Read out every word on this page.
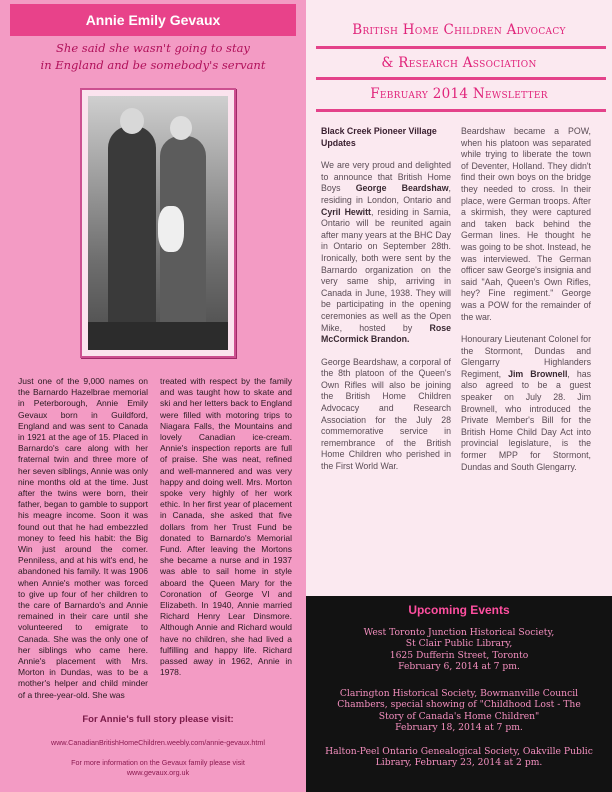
Annie Emily Gevaux
She said she wasn't going to stay
in England and be somebody's servant
Just one of the 9,000 names on the Barnardo Hazelbrae memorial in Peterborough, Annie Emily Gevaux born in Guildford, England and was sent to Canada in 1921 at the age of 15. Placed in Barnardo's care along with her fraternal twin and three more of her seven siblings, Annie was only nine months old at the time. Just after the twins were born, their father, began to gamble to support his meagre income. Soon it was found out that he had embezzled money to feed his habit: the Big Win just around the corner. Penniless, and at his wit's end, he abandoned his family. It was 1906 when Annie's mother was forced to give up four of her children to the care of Barnardo's and Annie remained in their care until she volunteered to emigrate to Canada. She was the only one of her siblings who came here. Annie's placement with Mrs. Morton in Dundas, was to be a mother's helper and child minder of a three-year-old. She was
treated with respect by the family and was taught how to skate and ski and her letters back to England were filled with motoring trips to Niagara Falls, the Mountains and lovely Canadian ice-cream. Annie's inspection reports are full of praise. She was neat, refined and well-mannered and was very happy and doing well. Mrs. Morton spoke very highly of her work ethic. In her first year of placement in Canada, she asked that five dollars from her Trust Fund be donated to Barnardo's Memorial Fund. After leaving the Mortons she became a nurse and in 1937 was able to sail home in style aboard the Queen Mary for the Coronation of George VI and Elizabeth. In 1940, Annie married Richard Henry Lear Dinsmore. Although Annie and Richard would have no children, she had lived a fulfilling and happy life. Richard passed away in 1962, Annie in 1978.
For Annie's full story please visit:
www.CanadianBritishHomeChildren.weebly.com/annie-gevaux.html
For more information on the Gevaux family please visit
www.gevaux.org.uk
British Home Children Advocacy
& Research Association
February 2014 Newsletter
Black Creek Pioneer Village Updates
We are very proud and delighted to announce that British Home Boys George Beardshaw, residing in London, Ontario and Cyril Hewitt, residing in Sarnia, Ontario will be reunited again after many years at the BHC Day in Ontario on September 28th. Ironically, both were sent by the Barnardo organization on the very same ship, arriving in Canada in June, 1938. They will be participating in the opening ceremonies as well as the Open Mike, hosted by Rose McCormick Brandon.
George Beardshaw, a corporal of the 8th platoon of the Queen's Own Rifles will also be joining the British Home Children Advocacy and Research Association for the July 28 commemorative service in remembrance of the British Home Children who perished in the First World War.
Beardshaw became a POW, when his platoon was separated while trying to liberate the town of Deventer, Holland. They didn't find their own boys on the bridge they needed to cross. In their place, were German troops. After a skirmish, they were captured and taken back behind the German lines. He thought he was going to be shot. Instead, he was interviewed. The German officer saw George's insignia and said "Aah, Queen's Own Rifles, hey? Fine regiment." George was a POW for the remainder of the war.
Honourary Lieutenant Colonel for the Stormont, Dundas and Glengarry Highlanders Regiment, Jim Brownell, has also agreed to be a guest speaker on July 28. Jim Brownell, who introduced the Private Member's Bill for the British Home Child Day Act into provincial legislature, is the former MPP for Stormont, Dundas and South Glengarry.
Upcoming Events
West Toronto Junction Historical Society,
St Clair Public Library,
1625 Dufferin Street, Toronto
February 6, 2014 at 7 pm.
Clarington Historical Society, Bowmanville Council
Chambers, special showing of "Childhood Lost - The
Story of Canada's Home Children"
February 18, 2014 at 7 pm.
Halton-Peel Ontario Genealogical Society, Oakville Public
Library, February 23, 2014 at 2 pm.
